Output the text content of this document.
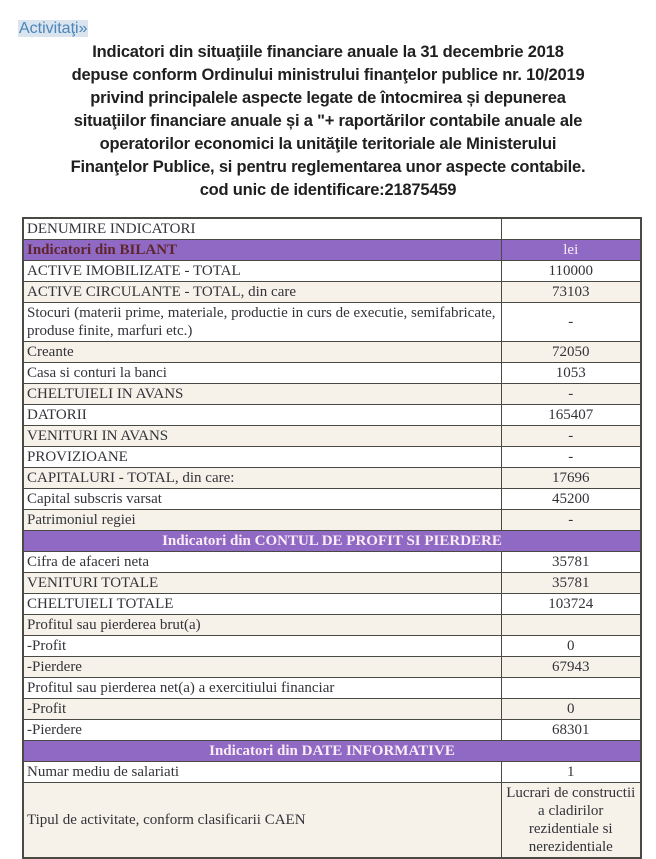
Activitaţi»
Indicatori din situaţiile financiare anuale la 31 decembrie 2018
depuse conform Ordinului ministrului finanţelor publice nr. 10/2019
privind principalele aspecte legate de întocmirea și depunerea
situaţiilor financiare anuale și a "+ raportărilor contabile anuale ale
operatorilor economici la unităţile teritoriale ale Ministerului
Finanţelor Publice, si pentru reglementarea unor aspecte contabile.
cod unic de identificare:21875459
DENUMIRE INDICATORI	
Indicatori din BILANT	lei
ACTIVE IMOBILIZATE - TOTAL	110000
ACTIVE CIRCULANTE - TOTAL, din care	73103
Stocuri (materii prime, materiale, productie in curs de executie, semifabricate, produse finite, marfuri etc.)	-
Creante	72050
Casa si conturi la banci	1053
CHELTUIELI IN AVANS	-
DATORII	165407
VENITURI IN AVANS	-
PROVIZIOANE	-
CAPITALURI - TOTAL, din care:	17696
Capital subscris varsat	45200
Patrimoniul regiei	-
Indicatori din CONTUL DE PROFIT SI PIERDERE	
Cifra de afaceri neta	35781
VENITURI TOTALE	35781
CHELTUIELI TOTALE	103724
Profitul sau pierderea brut(a)	
-Profit	0
-Pierdere	67943
Profitul sau pierderea net(a) a exercitiului financiar	
-Profit	0
-Pierdere	68301
Indicatori din DATE INFORMATIVE	
Numar mediu de salariati	1
Tipul de activitate, conform clasificarii CAEN	Lucrari de constructii a cladirilor rezidentiale si nerezidentiale
